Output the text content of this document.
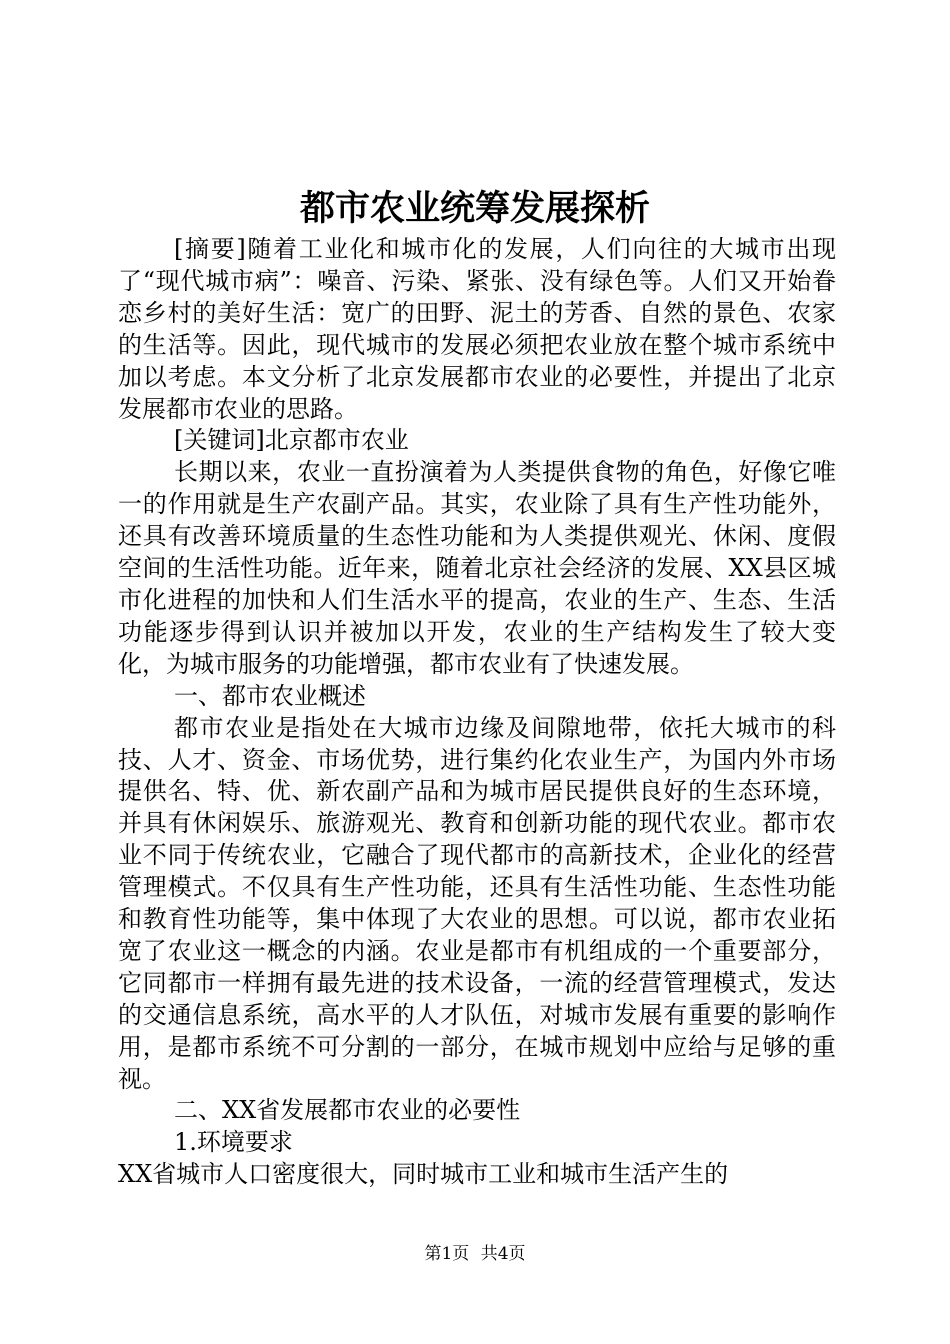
都市农业统筹发展探析

[摘要]随着工业化和城市化的发展，人们向往的大城市出现了“现代城市病”：噪音、污染、紧张、没有绿色等。人们又开始眷恋乡村的美好生活：宽广的田野、泥土的芳香、自然的景色、农家的生活等。因此，现代城市的发展必须把农业放在整个城市系统中加以考虑。本文分析了北京发展都市农业的必要性，并提出了北京发展都市农业的思路。

[关键词]北京都市农业

长期以来，农业一直扮演着为人类提供食物的角色，好像它唯一的作用就是生产农副产品。其实，农业除了具有生产性功能外，还具有改善环境质量的生态性功能和为人类提供观光、休闲、度假空间的生活性功能。近年来，随着北京社会经济的发展、XX县区城市化进程的加快和人们生活水平的提高，农业的生产、生态、生活功能逐步得到认识并被加以开发，农业的生产结构发生了较大变化，为城市服务的功能增强，都市农业有了快速发展。

一、都市农业概述

都市农业是指处在大城市边缘及间隙地带，依托大城市的科技、人才、资金、市场优势，进行集约化农业生产，为国内外市场提供名、特、优、新农副产品和为城市居民提供良好的生态环境，并具有休闲娱乐、旅游观光、教育和创新功能的现代农业。都市农业不同于传统农业，它融合了现代都市的高新技术，企业化的经营管理模式。不仅具有生产性功能，还具有生活性功能、生态性功能和教育性功能等，集中体现了大农业的思想。可以说，都市农业拓宽了农业这一概念的内涵。农业是都市有机组成的一个重要部分，它同都市一样拥有最先进的技术设备，一流的经营管理模式，发达的交通信息系统，高水平的人才队伍，对城市发展有重要的影响作用，是都市系统不可分割的一部分，在城市规划中应给与足够的重视。

二、XX省发展都市农业的必要性

1.环境要求

XX省城市人口密度很大，同时城市工业和城市生活产生的

第1页 共4页
